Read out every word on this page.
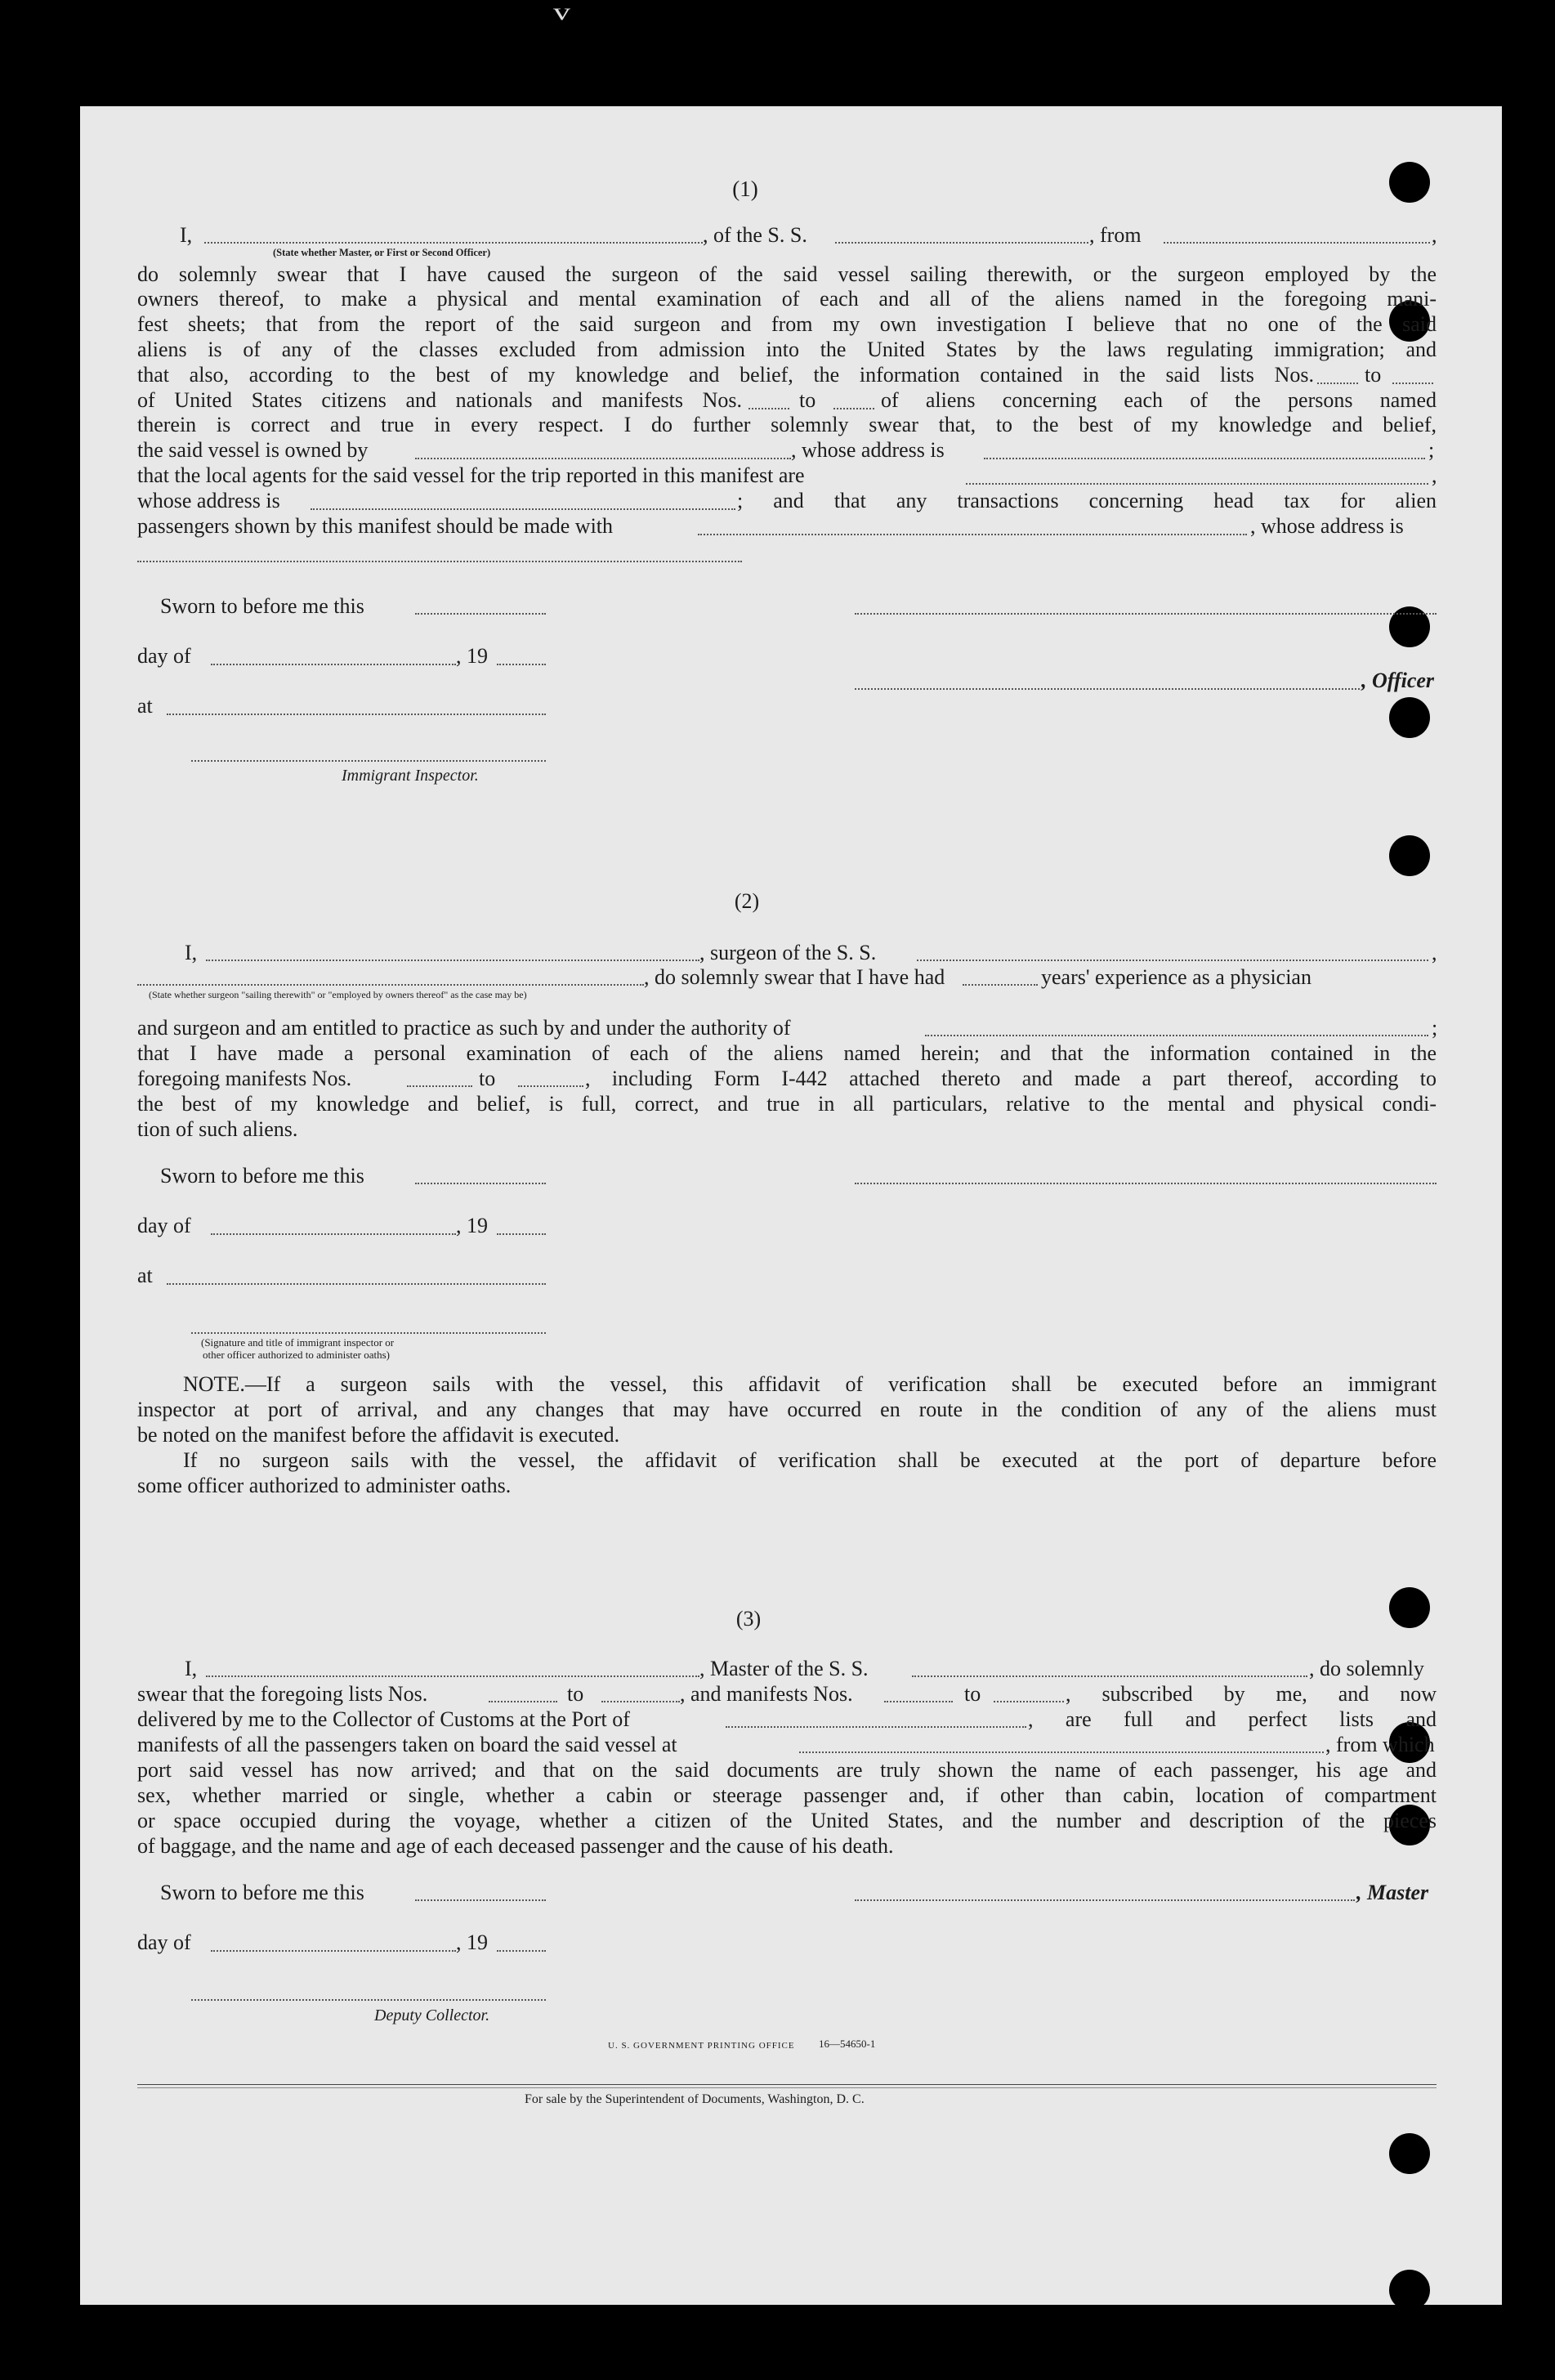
v
(1)
I,	, of the S. S.	, from	,
(State whether Master, or First or Second Officer)
do solemnly swear that I have caused the surgeon of the said vessel sailing therewith, or the surgeon employed by the
owners thereof, to make a physical and mental examination of each and all of the aliens named in the foregoing mani-
fest sheets; that from the report of the said surgeon and from my own investigation I believe that no one of the said
aliens is of any of the classes excluded from admission into the United States by the laws regulating immigration; and
that also, according to the best of my knowledge and belief, the information contained in the said lists Nos. to
of United States citizens and nationals and manifests Nos.	to	of aliens concerning each of the persons named
therein is correct and true in every respect. I do further solemnly swear that, to the best of my knowledge and belief,
the said vessel is owned by	, whose address is	;
that the local agents for the said vessel for the trip reported in this manifest are	,
whose address is	; and that any transactions concerning head tax for alien
passengers shown by this manifest should be made with	, whose address is
Sworn to before me this
day of	, 19
, Officer
at
Immigrant Inspector.
(2)
I,	, surgeon of the S. S.	,
, do solemnly swear that I have had	years' experience as a physician
(State whether surgeon "sailing therewith" or "employed by owners thereof" as the case may be)
and surgeon and am entitled to practice as such by and under the authority of	;
that I have made a personal examination of each of the aliens named herein; and that the information contained in the
foregoing manifests Nos.	to	, including Form I-442 attached thereto and made a part thereof, according to
the best of my knowledge and belief, is full, correct, and true in all particulars, relative to the mental and physical condi-
tion of such aliens.
Sworn to before me this
day of	, 19
at
(Signature and title of immigrant inspector or
other officer authorized to administer oaths)
NOTE.—If a surgeon sails with the vessel, this affidavit of verification shall be executed before an immigrant
inspector at port of arrival, and any changes that may have occurred en route in the condition of any of the aliens must
be noted on the manifest before the affidavit is executed.
If no surgeon sails with the vessel, the affidavit of verification shall be executed at the port of departure before
some officer authorized to administer oaths.
(3)
I,	, Master of the S. S.	, do solemnly
swear that the foregoing lists Nos.	to	, and manifests Nos.	to	, subscribed by me, and now
delivered by me to the Collector of Customs at the Port of	, are full and perfect lists and
manifests of all the passengers taken on board the said vessel at	, from which
port said vessel has now arrived; and that on the said documents are truly shown the name of each passenger, his age and
sex, whether married or single, whether a cabin or steerage passenger and, if other than cabin, location of compartment
or space occupied during the voyage, whether a citizen of the United States, and the number and description of the pieces
of baggage, and the name and age of each deceased passenger and the cause of his death.
Sworn to before me this	, Master
day of	, 19
Deputy Collector.
U. S. GOVERNMENT PRINTING OFFICE 16—54650-1
For sale by the Superintendent of Documents, Washington, D. C.
